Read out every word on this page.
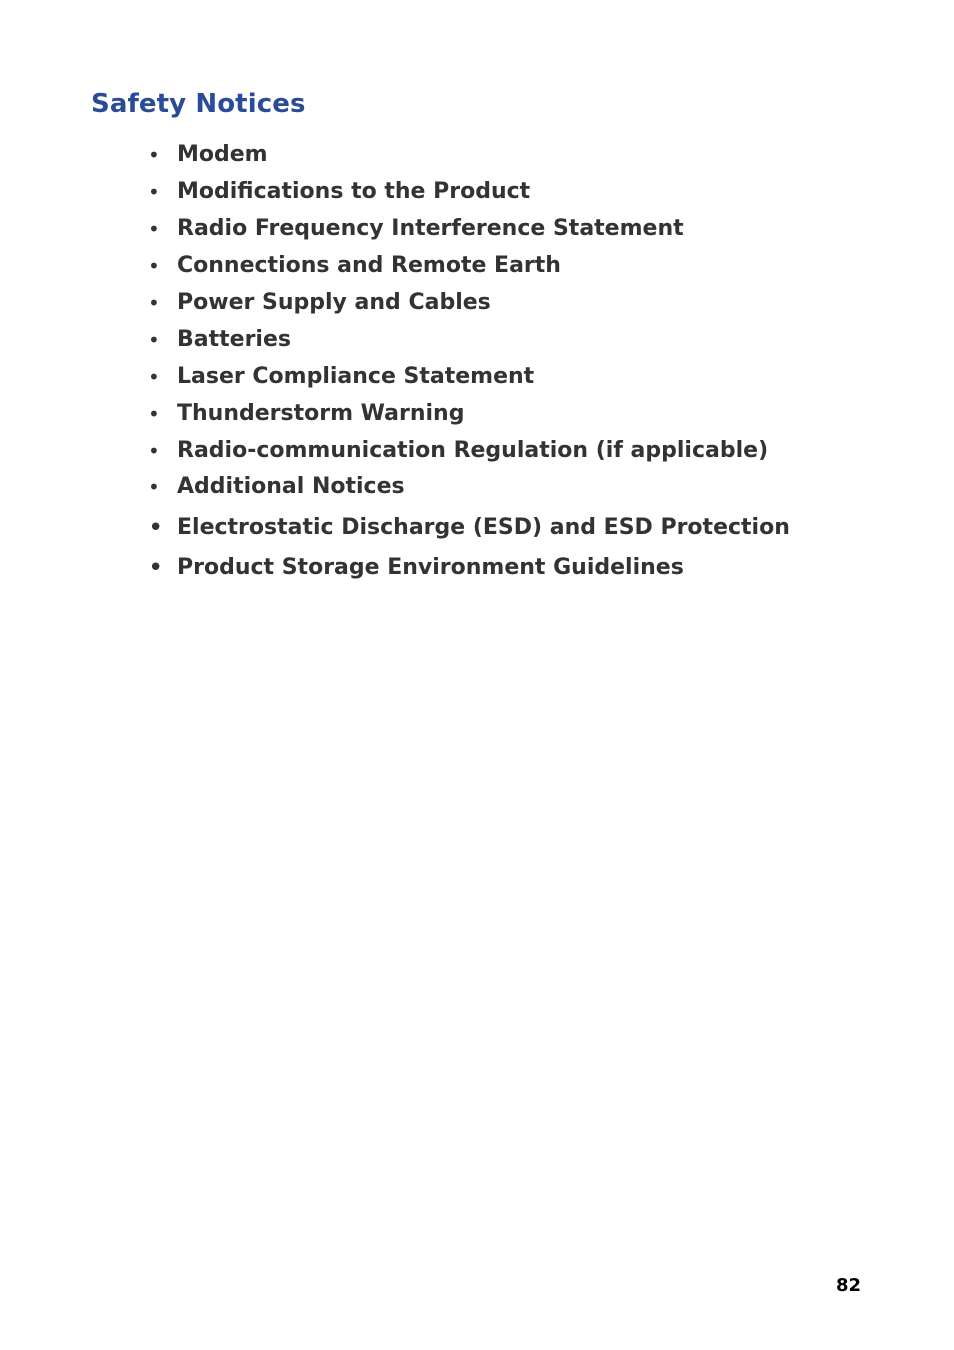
Safety Notices
• Modem
• Modifications to the Product
• Radio Frequency Interference Statement
• Connections and Remote Earth
• Power Supply and Cables
• Batteries
• Laser Compliance Statement
• Thunderstorm Warning
• Radio-communication Regulation (if applicable)
• Additional Notices
• Electrostatic Discharge (ESD) and ESD Protection
• Product Storage Environment Guidelines
82
